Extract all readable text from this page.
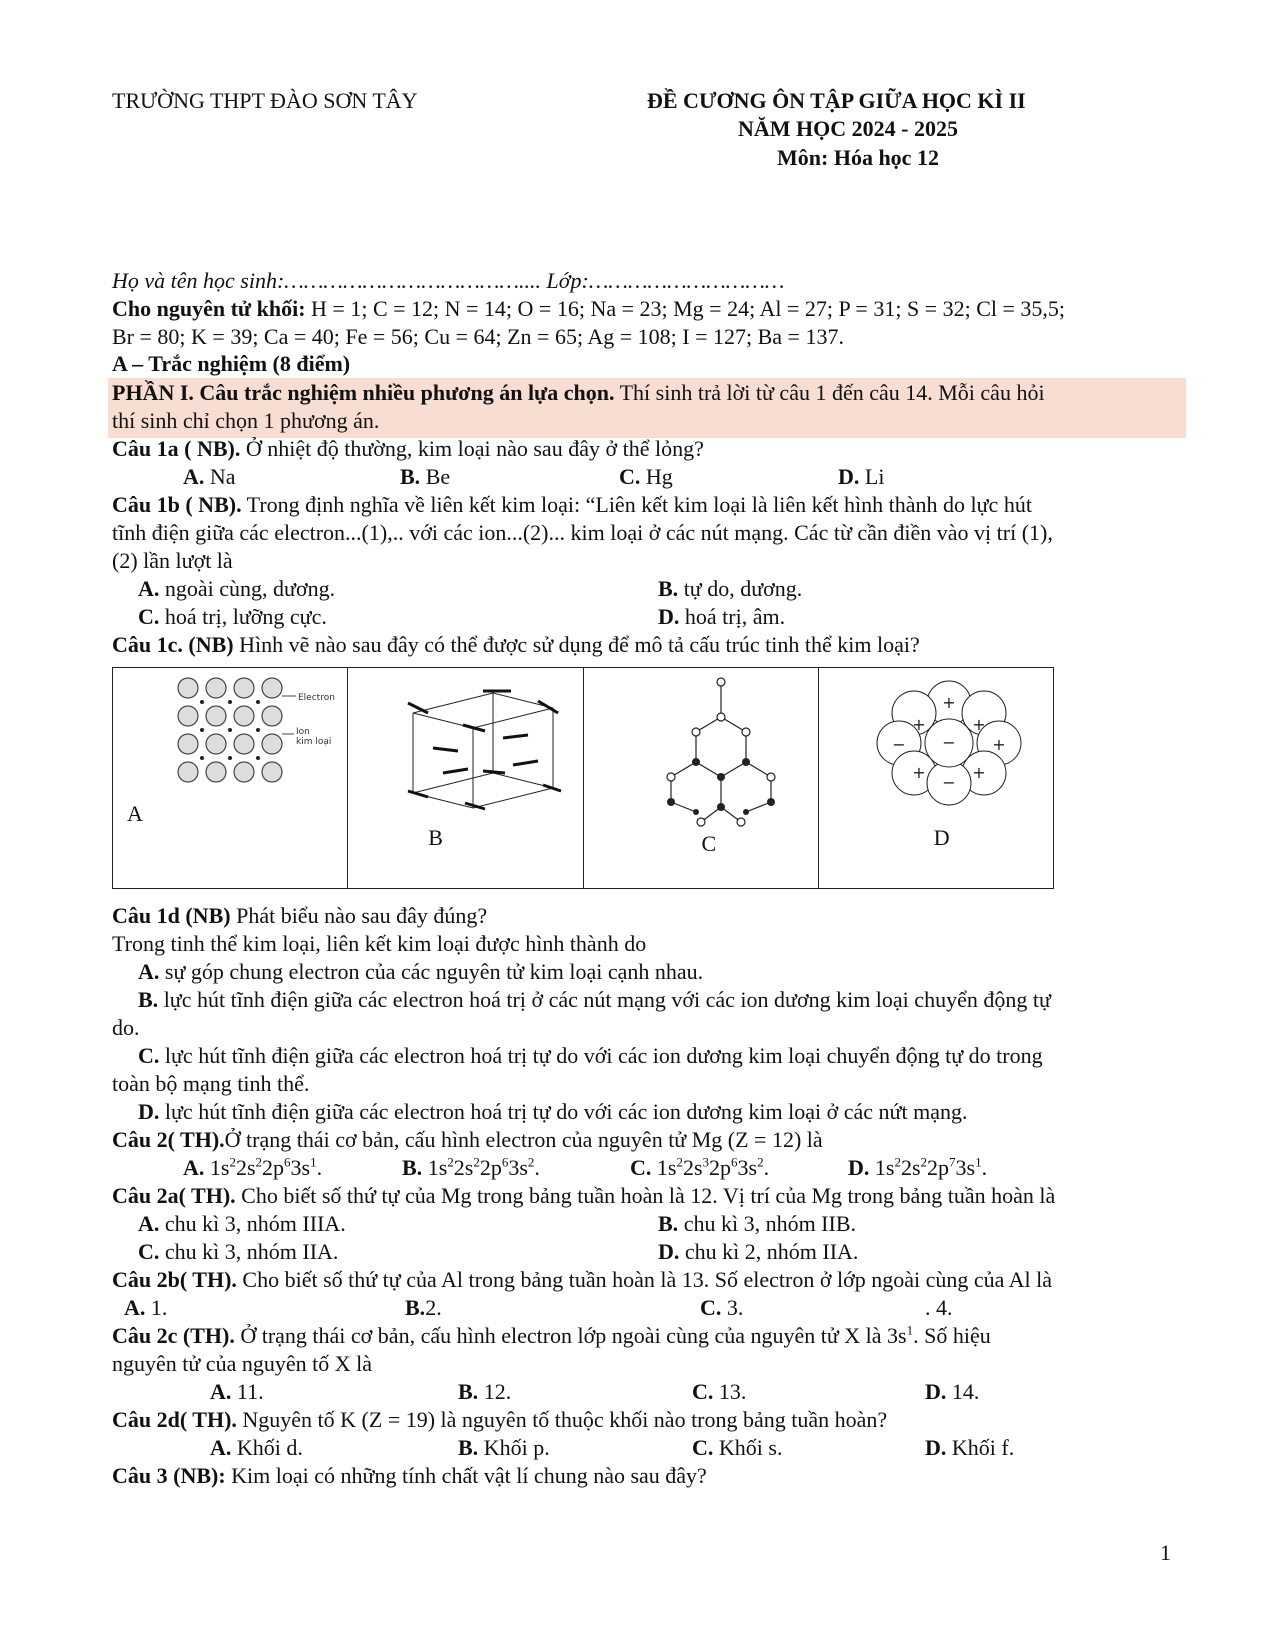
TRƯỜNG THPT ĐÀO SƠN TÂY	ĐỀ CƯƠNG ÔN TẬP GIỮA HỌC KÌ II
NĂM HỌC 2024 - 2025
Môn: Hóa học 12
Họ và tên học sinh:……………………………….... Lớp:…………………………
Cho nguyên tử khối: H = 1; C = 12; N = 14; O = 16; Na = 23; Mg = 24; Al = 27; P = 31; S = 32; Cl = 35,5;
Br = 80; K = 39; Ca = 40; Fe = 56; Cu = 64; Zn = 65; Ag = 108; I = 127; Ba = 137.
A – Trắc nghiệm (8 điểm)
PHẦN I. Câu trắc nghiệm nhiều phương án lựa chọn. Thí sinh trả lời từ câu 1 đến câu 14. Mỗi câu hỏi
thí sinh chỉ chọn 1 phương án.
Câu 1a ( NB). Ở nhiệt độ thường, kim loại nào sau đây ở thể lỏng?
A. Na	B. Be	C. Hg	D. Li
Câu 1b ( NB). Trong định nghĩa về liên kết kim loại: “Liên kết kim loại là liên kết hình thành do lực hút
tĩnh điện giữa các electron...(1),.. với các ion...(2)... kim loại ở các nút mạng. Các từ cần điền vào vị trí (1),
(2) lần lượt là
A. ngoài cùng, dương.	B. tự do, dương.
C. hoá trị, lưỡng cực.	D. hoá trị, âm.
Câu 1c. (NB) Hình vẽ nào sau đây có thể được sử dụng để mô tả cấu trúc tinh thể kim loại?
Electron
Ion
kim loại
A
B	C
+
+	+
+
−
+	+
−
−
D
Câu 1d (NB) Phát biểu nào sau đây đúng?
Trong tinh thể kim loại, liên kết kim loại được hình thành do
A. sự góp chung electron của các nguyên tử kim loại cạnh nhau.
B. lực hút tĩnh điện giữa các electron hoá trị ở các nút mạng với các ion dương kim loại chuyển động tự
do.
C. lực hút tĩnh điện giữa các electron hoá trị tự do với các ion dương kim loại chuyển động tự do trong
toàn bộ mạng tinh thể.
D. lực hút tĩnh điện giữa các electron hoá trị tự do với các ion dương kim loại ở các nứt mạng.
Câu 2( TH).Ở trạng thái cơ bản, cấu hình electron của nguyên tử Mg (Z = 12) là
A. $1s^22s^22p^63s^1$.	B. $1s^22s^22p^63s^2$.	C. $1s^22s^32p^63s^2$.	D. $1s^22s^22p^73s^1$.
Câu 2a( TH). Cho biết số thứ tự của Mg trong bảng tuần hoàn là 12. Vị trí của Mg trong bảng tuần hoàn là
A. chu kì 3, nhóm IIIA.	B. chu kì 3, nhóm IIB.
C. chu kì 3, nhóm IIA.	D. chu kì 2, nhóm IIA.
Câu 2b( TH). Cho biết số thứ tự của Al trong bảng tuần hoàn là 13. Số electron ở lớp ngoài cùng của Al là
A. 1.	B.2.	C. 3.	. 4.
Câu 2c (TH). Ở trạng thái cơ bản, cấu hình electron lớp ngoài cùng của nguyên tử X là $3s^1$. Số hiệu
nguyên tử của nguyên tố X là
A. 11.	B. 12.	C. 13.	D. 14.
Câu 2d( TH). Nguyên tố K (Z = 19) là nguyên tố thuộc khối nào trong bảng tuần hoàn?
A. Khối d.	B. Khối p.	C. Khối s.	D. Khối f.
Câu 3 (NB): Kim loại có những tính chất vật lí chung nào sau đây?
1
